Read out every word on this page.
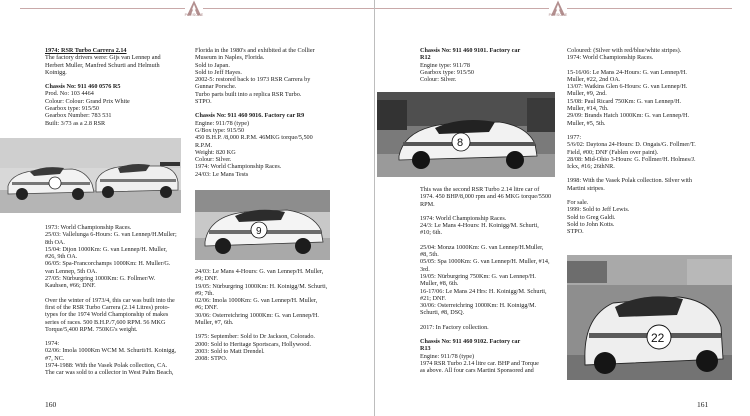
PORSCHE

1974: RSR Turbo Carrera 2.14
The factory drivers were: Gijs van Lennep and
Herbert Muller, Manfred Schurti and Helmuth
Koinigg.

Chassis No: 911 460 0576 R5
Prod. No: 103 4464
Colour: Colour: Grand Prix White
Gearbox type: 915/50
Gearbox Number: 783 531
Built: 3/73 as a 2.8 RSR

1973: World Championship Races.
25/03: Vallelunga 6-Hours: G. van Lennep/H.Muller;
8th OA.
15/04: Dijon 1000Km: G. van Lennep/H. Muller,
#26, 9th OA.
06/05: Spa-Francorchamps 1000Km: H. Muller/G.
van Lennep, 5th OA.
27/05: Nürburgring 1000Km: G. Follmer/W.
Kauhsen, #66; DNF.

Over the winter of 1973/4, this car was built into the
first of the RSR Turbo Carrera (2.14 Litres) proto-
types for the 1974 World Championship of makes
series of races. 500 B.H.P./7,600 RPM. 56 MKG
Torque/5,400 RPM. 750KG's weight.

1974:
02/06: Imola 1000Km WCM M. Schurti/H. Koinigg,
#7, NC.
1974-1988: With the Vasek Polak collection, CA.
The car was sold to a collector in West Palm Beach,

Florida in the 1980's and exhibited at the Collier
Museum in Naples, Florida.
Sold to Japan.
Sold to Jeff Hayes.
2002-5: restored back to 1973 RSR Carrera by
Gunnar Porsche.
Turbo parts built into a replica RSR Turbo.
STPO.

Chassis No: 911 460 9016. Factory car R9
Engine: 911/78 (type)
G/Box type: 915/50
450 B.H.P. /8,000 R.P.M. 46MKG torque/5,500
R.P.M.
Weight: 820 KG
Colour: Silver.
1974: World Championship Races.
24/03: Le Mans Tests

9

24/03: Le Mans 4-Hours: G. van Lennep/H. Muller,
#9; DNF.
19/05: Nürburgring 1000Km: H. Koinigg/M. Schurti,
#9; 7th.
02/06: Imola 1000Km: G. van Lennep/H. Muller,
#6; DNF.
30/06: Osterreichring 1000Km: G. van Lennep/H.
Muller, #7, 6th.

1975: September: Sold to Dr Jackson, Colorado.
2000: Sold to Heritage Sportscars, Hollywood.
2003: Sold to Matt Drendel.
2008: STPO.

160
PORSCHE

Chassis No: 911 460 9101. Factory car
R12
Engine type: 911/78
Gearbox type: 915/50
Colour: Silver.

8

This was the second RSR Turbo 2.14 litre car of
1974. 450 BHP/8,000 rpm and 46 MKG torque/5500
RPM.

1974: World Championship Races.
24/3: Le Mans 4-Hours: H. Koinigg/M. Schurti,
#10; 6th.

25/04: Monza 1000Km: G. van Lennep/H.Muller,
#8, 5th.
05/05: Spa 1000Km: G. van Lennep/H. Muller, #14,
3rd.
19/05: Nürburgring 750Km: G. van Lennep/H.
Muller, #8, 6th.
16-17/06: Le Mans 24 Hrs: H. Koinigg/M. Schurti,
#21; DNF.
30/06: Osterreichring 1000Km: H. Koinigg/M.
Schurti, #8, DSQ.

2017: In Factory collection.

Chassis No: 911 460 9102. Factory car
R13
Engine: 911/78 (type)
1974 RSR Turbo 2.14 litre car. BHP and Torque
as above. All four cars Martini Sponsored and

Coloured: (Silver with red/blue/white stripes).
1974: World Championship Races.

15-16/06: Le Mans 24-Hours: G. van Lennep/H.
Muller, #22, 2nd OA.
13/07: Watkins Glen 6-Hours: G. van Lennep/H.
Muller, #9, 2nd.
15/08: Paul Ricard 750Km: G. van Lennep/H.
Muller, #14, 7th.
29/09: Brands Hatch 1000Km: G. van Lennep/H.
Muller, #5, 5th.

1977:
5/6/02: Daytona 24-Hours: D. Ongais/G. Follmer/T.
Field, #00; DNF (Fablen over paint).
28/08: Mid-Ohio 3-Hours: G. Follmer/H. Holmes/J.
Ickx, #16; 26thNR.

1998: With the Vasek Polak collection. Silver with
Martini stripes.

For sale.
1999: Sold to Jeff Lewis.
Sold to Greg Galdi.
Sold to John Kotts.
STPO.

22
161
